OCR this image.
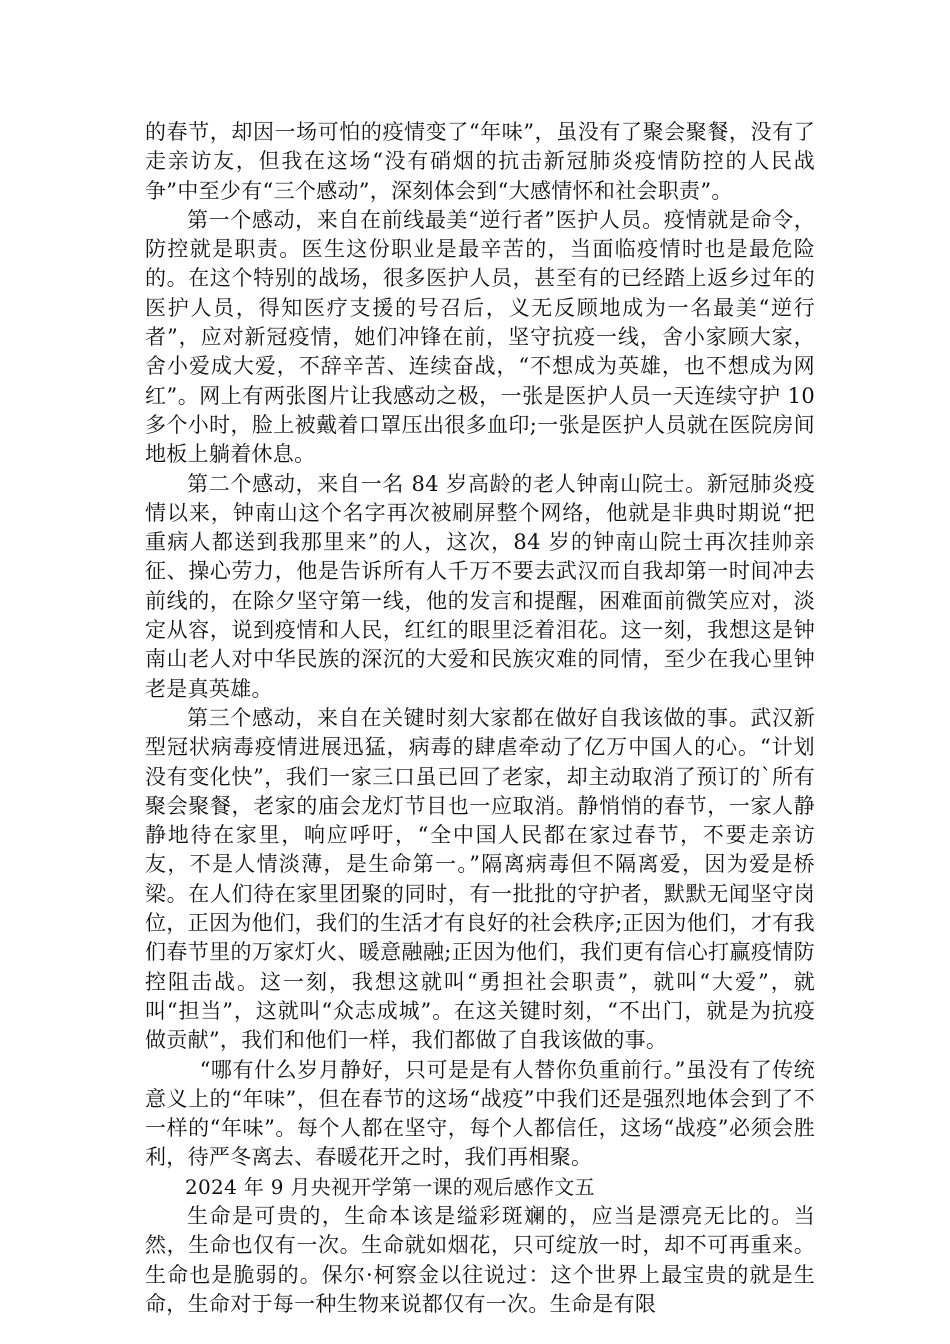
的春节，却因一场可怕的疫情变了“年味”，虽没有了聚会聚餐，没有了走亲访友，但我在这场“没有硝烟的抗击新冠肺炎疫情防控的人民战争”中至少有“三个感动”，深刻体会到“大感情怀和社会职责”。

第一个感动，来自在前线最美“逆行者”医护人员。疫情就是命令，防控就是职责。医生这份职业是最辛苦的，当面临疫情时也是最危险的。在这个特别的战场，很多医护人员，甚至有的已经踏上返乡过年的医护人员，得知医疗支援的号召后，义无反顾地成为一名最美“逆行者”，应对新冠疫情，她们冲锋在前，坚守抗疫一线，舍小家顾大家，舍小爱成大爱，不辞辛苦、连续奋战，“不想成为英雄，也不想成为网红”。网上有两张图片让我感动之极，一张是医护人员一天连续守护 10 多个小时，脸上被戴着口罩压出很多血印;一张是医护人员就在医院房间地板上躺着休息。

第二个感动，来自一名 84 岁高龄的老人钟南山院士。新冠肺炎疫情以来，钟南山这个名字再次被刷屏整个网络，他就是非典时期说“把重病人都送到我那里来”的人，这次，84 岁的钟南山院士再次挂帅亲征、操心劳力，他是告诉所有人千万不要去武汉而自我却第一时间冲去前线的，在除夕坚守第一线，他的发言和提醒，困难面前微笑应对，淡定从容，说到疫情和人民，红红的眼里泛着泪花。这一刻，我想这是钟南山老人对中华民族的深沉的大爱和民族灾难的同情，至少在我心里钟老是真英雄。

第三个感动，来自在关键时刻大家都在做好自我该做的事。武汉新型冠状病毒疫情进展迅猛，病毒的肆虐牵动了亿万中国人的心。“计划没有变化快”，我们一家三口虽已回了老家，却主动取消了预订的`所有聚会聚餐，老家的庙会龙灯节目也一应取消。静悄悄的春节，一家人静静地待在家里，响应呼吁，“全中国人民都在家过春节，不要走亲访友，不是人情淡薄，是生命第一。”隔离病毒但不隔离爱，因为爱是桥梁。在人们待在家里团聚的同时，有一批批的守护者，默默无闻坚守岗位，正因为他们，我们的生活才有良好的社会秩序;正因为他们，才有我们春节里的万家灯火、暖意融融;正因为他们，我们更有信心打赢疫情防控阻击战。这一刻，我想这就叫“勇担社会职责”，就叫“大爱”，就叫“担当”，这就叫“众志成城”。在这关键时刻，“不出门，就是为抗疫做贡献”，我们和他们一样，我们都做了自我该做的事。

“哪有什么岁月静好，只可是是有人替你负重前行。”虽没有了传统意义上的“年味”，但在春节的这场“战疫”中我们还是强烈地体会到了不一样的“年味”。每个人都在坚守，每个人都信任，这场“战疫”必须会胜利，待严冬离去、春暖花开之时，我们再相聚。

2024 年 9 月央视开学第一课的观后感作文五

生命是可贵的，生命本该是缢彩斑斓的，应当是漂亮无比的。当然，生命也仅有一次。生命就如烟花，只可绽放一时，却不可再重来。生命也是脆弱的。保尔·柯察金以往说过：这个世界上最宝贵的就是生命，生命对于每一种生物来说都仅有一次。生命是有限
